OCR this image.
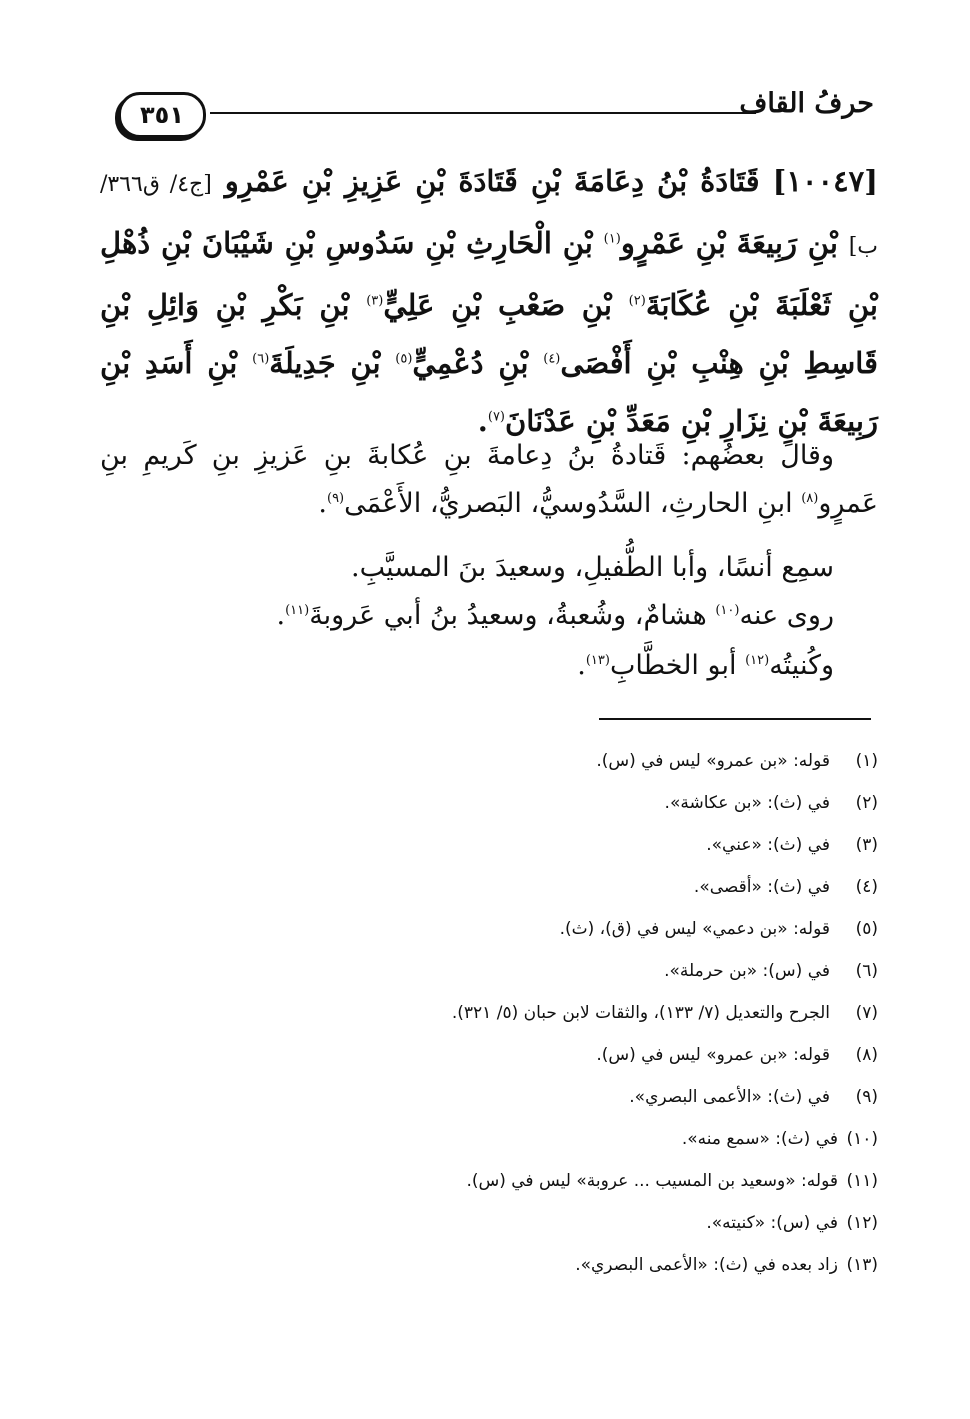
٣٥١	حرفُ القاف
[١٠٠٤٧] قَتَادَةُ بْنُ دِعَامَةَ بْنِ قَتَادَةَ بْنِ عَزِيزِ بْنِ عَمْرِو [ج٤/ ق٣٦٦/ ب] بْنِ رَبِيعَةَ بْنِ عَمْرٍو$^{(١)}$ بْنِ الْحَارِثِ بْنِ سَدُوسِ بْنِ شَيْبَانَ بْنِ ذُهْلِ بْنِ ثَعْلَبَةَ بْنِ عُكَابَةَ$^{(٢)}$ بْنِ صَعْبِ بْنِ عَلِيٍّ$^{(٣)}$ بْنِ بَكْرِ بْنِ وَائِلِ بْنِ قَاسِطِ بْنِ هِنْبِ بْنِ أَفْصَى$^{(٤)}$ بْنِ دُعْمِيٍّ$^{(٥)}$ بْنِ جَدِيلَةَ$^{(٦)}$ بْنِ أَسَدِ بْنِ رَبِيعَةَ بْنِ نِزَارِ بْنِ مَعَدِّ بْنِ عَدْنَانَ$^{(٧)}$.
وقالَ بعضُهم: قَتادةُ بنُ دِعامةَ بنِ عُكابةَ بنِ عَزيزِ بنِ كَريمِ بنِ عَمرٍو$^{(٨)}$ ابنِ الحارثِ، السَّدُوسيُّ، البَصريُّ، الأَعْمَى$^{(٩)}$.
سمِع أنسًا، وأبا الطُّفيلِ، وسعيدَ بنَ المسيَّبِ.
روى عنه$^{(١٠)}$ هشامٌ، وشُعبةُ، وسعيدُ بنُ أبي عَروبةَ$^{(١١)}$.
وكُنيتُه$^{(١٢)}$ أبو الخطَّابِ$^{(١٣)}$.
(١)
قوله: «بن عمرو» ليس في (س).
(٢)
في (ث): «بن عكاشة».
(٣)
في (ث): «عني».
(٤)
في (ث): «أقصى».
(٥)
قوله: «بن دعمي» ليس في (ق)، (ث).
(٦)
في (س): «بن حرملة».
(٧)
الجرح والتعديل (٧/ ١٣٣)، والثقات لابن حبان (٥/ ٣٢١).
(٨)
قوله: «بن عمرو» ليس في (س).
(٩)
في (ث): «الأعمى البصري».
(١٠)
في (ث): «سمع منه».
(١١)
قوله: «وسعيد بن المسيب ... عروبة» ليس في (س).
(١٢)
في (س): «كنيته».
(١٣)
زاد بعده في (ث): «الأعمى البصري».
